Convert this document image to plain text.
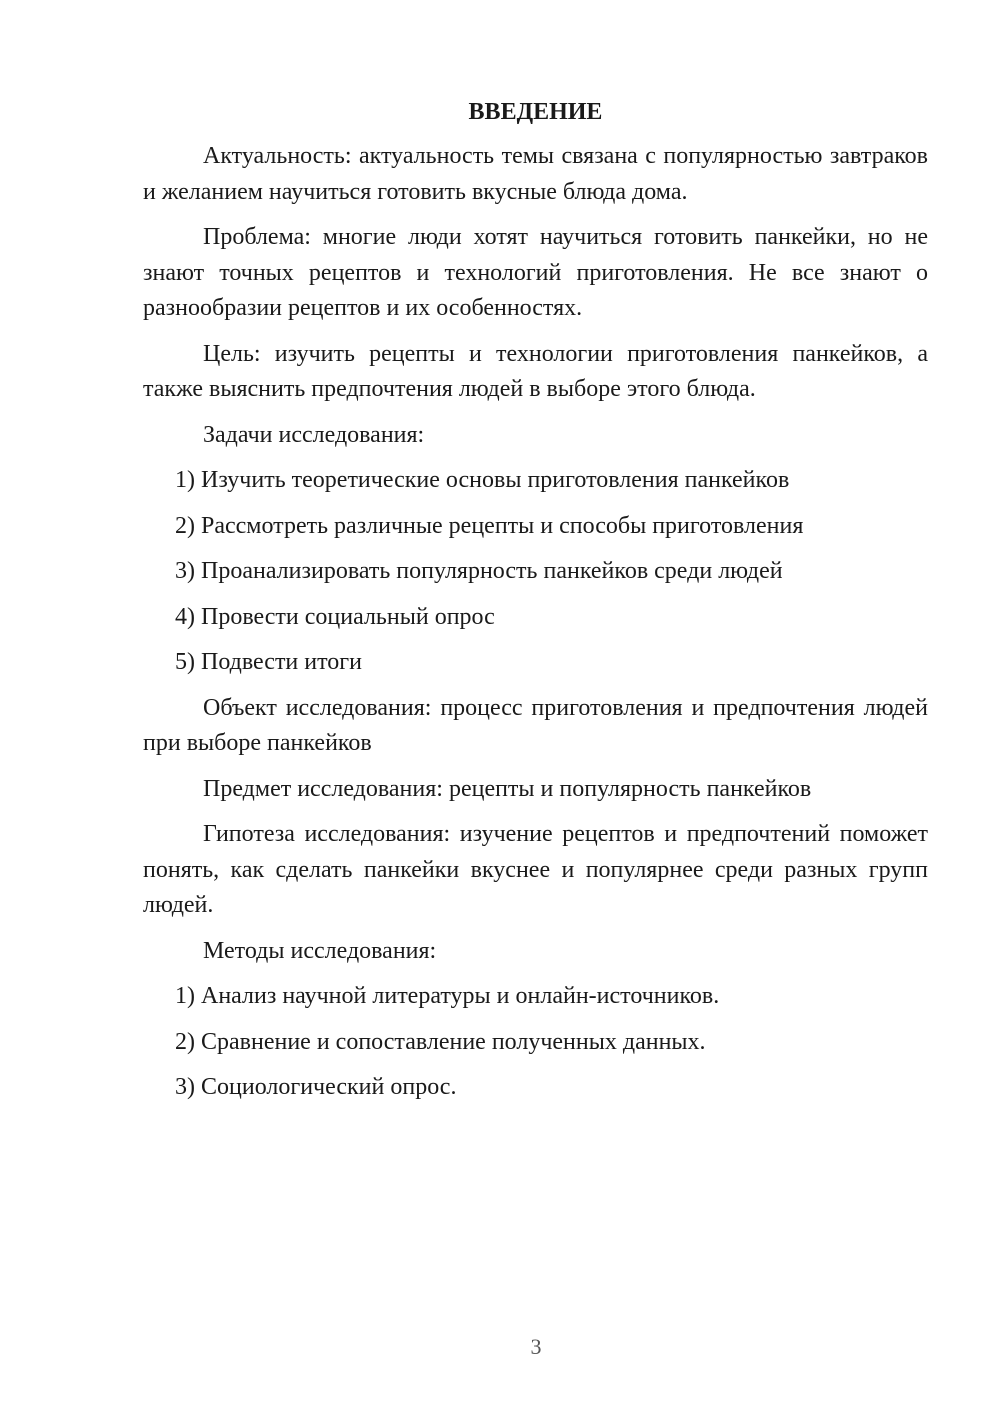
ВВЕДЕНИЕ

Актуальность: актуальность темы связана с популярностью завтраков и желанием научиться готовить вкусные блюда дома.

Проблема: многие люди хотят научиться готовить панкейки, но не знают точных рецептов и технологий приготовления. Не все знают о разнообразии рецептов и их особенностях.

Цель: изучить рецепты и технологии приготовления панкейков, а также выяснить предпочтения людей в выборе этого блюда.

Задачи исследования:

1) Изучить теоретические основы приготовления панкейков
2) Рассмотреть различные рецепты и способы приготовления
3) Проанализировать популярность панкейков среди людей
4) Провести социальный опрос
5) Подвести итоги

Объект исследования: процесс приготовления и предпочтения людей при выборе панкейков

Предмет исследования: рецепты и популярность панкейков

Гипотеза исследования: изучение рецептов и предпочтений поможет понять, как сделать панкейки вкуснее и популярнее среди разных групп людей.

Методы исследования:

1) Анализ научной литературы и онлайн-источников.
2) Сравнение и сопоставление полученных данных.
3) Социологический опрос.
3
